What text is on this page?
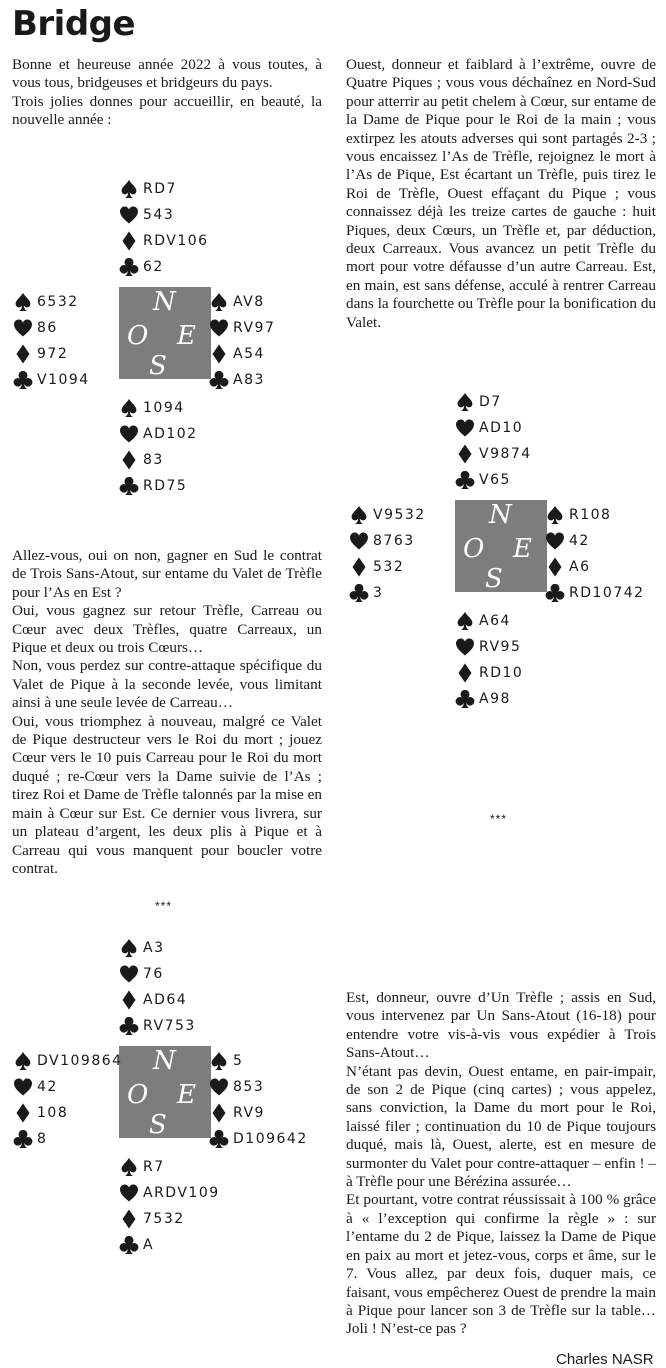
Bridge

Bonne et heureuse année 2022 à vous toutes, à vous tous, bridgeuses et bridgeurs du pays.

Trois jolies donnes pour accueillir, en beauté, la nouvelle année :

Allez-vous, oui on non, gagner en Sud le contrat de Trois Sans-Atout, sur entame du Valet de Trèfle pour l’As en Est ?

Oui, vous gagnez sur retour Trèfle, Carreau ou Cœur avec deux Trèfles, quatre Carreaux, un Pique et deux ou trois Cœurs…

Non, vous perdez sur contre-attaque spécifique du Valet de Pique à la seconde levée, vous limitant ainsi à une seule levée de Carreau…

Oui, vous triomphez à nouveau, malgré ce Valet de Pique destructeur vers le Roi du mort ; jouez Cœur vers le 10 puis Carreau pour le Roi du mort duqué ; re-Cœur vers la Dame suivie de l’As ; tirez Roi et Dame de Trèfle talonnés par la mise en main à Cœur sur Est. Ce dernier vous livrera, sur un plateau d’argent, les deux plis à Pique et à Carreau qui vous manquent pour boucler votre contrat.

Ouest, donneur et faiblard à l’extrême, ouvre de Quatre Piques ; vous vous déchaînez en Nord-Sud pour atterrir au petit chelem à Cœur, sur entame de la Dame de Pique pour le Roi de la main ; vous extirpez les atouts adverses qui sont partagés 2-3 ; vous encaissez l’As de Trèfle, rejoignez le mort à l’As de Pique, Est écartant un Trèfle, puis tirez le Roi de Trèfle, Ouest effaçant du Pique ; vous connaissez déjà les treize cartes de gauche : huit Piques, deux Cœurs, un Trèfle et, par déduction, deux Carreaux. Vous avancez un petit Trèfle du mort pour votre défausse d’un autre Carreau. Est, en main, est sans défense, acculé à rentrer Carreau dans la fourchette ou Trèfle pour la bonification du Valet.

Est, donneur, ouvre d’Un Trèfle ; assis en Sud, vous intervenez par Un Sans-Atout (16-18) pour entendre votre vis-à-vis vous expédier à Trois Sans-Atout…

N’étant pas devin, Ouest entame, en pair-impair, de son 2 de Pique (cinq cartes) ; vous appelez, sans conviction, la Dame du mort pour le Roi, laissé filer ; continuation du 10 de Pique toujours duqué, mais là, Ouest, alerte, est en mesure de surmonter du Valet pour contre-attaquer – enfin ! – à Trèfle pour une Bérézina assurée…

Et pourtant, votre contrat réussissait à 100 % grâce à « l’exception qui confirme la règle » : sur l’entame du 2 de Pique, laissez la Dame de Pique en paix au mort et jetez-vous, corps et âme, sur le 7. Vous allez, par deux fois, duquer mais, ce faisant, vous empêcherez Ouest de prendre la main à Pique pour lancer son 3 de Trèfle sur la table… Joli ! N’est-ce pas ?

***
***
Charles NASR
N
O E
S
RD7
543
RDV106
62
6532
86
972
V1094
AV8
RV97
A54
A83
1094
AD102
83
RD75
N
O E
S
D7
AD10
V9874
V65
V9532
8763
532
3
R108
42
A6
RD10742
A64
RV95
RD10
A98
N
O E
S
A3
76
AD64
RV753
DV109864
42
108
8
5
853
RV9
D109642
R7
ARDV109
7532
A
